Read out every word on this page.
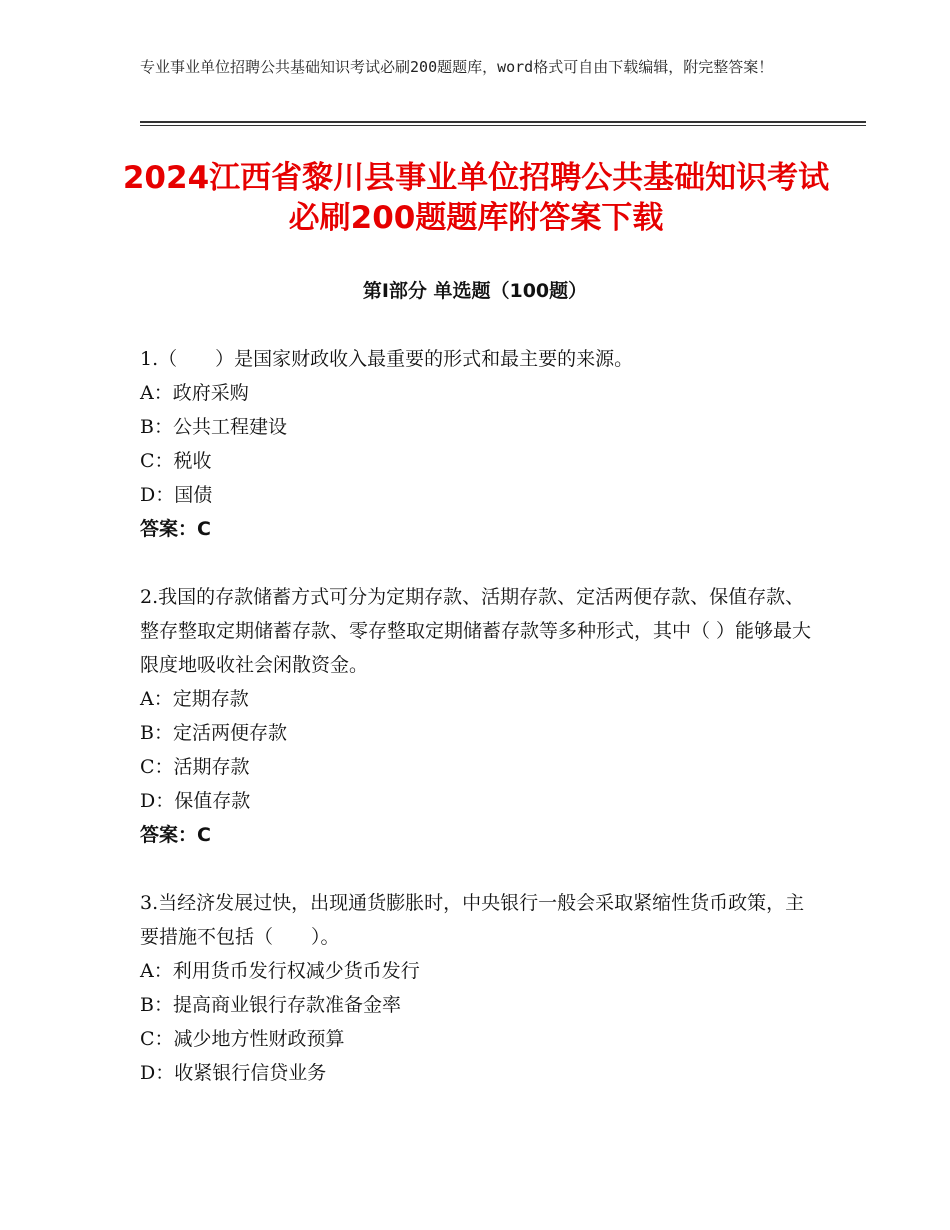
专业事业单位招聘公共基础知识考试必刷200题题库，word格式可自由下载编辑，附完整答案！
2024江西省黎川县事业单位招聘公共基础知识考试必刷200题题库附答案下载
第Ⅰ部分 单选题（100题）

1.（　　）是国家财政收入最重要的形式和最主要的来源。

A：政府采购

B：公共工程建设

C：税收

D：国债

答案：C

2.我国的存款储蓄方式可分为定期存款、活期存款、定活两便存款、保值存款、整存整取定期储蓄存款、零存整取定期储蓄存款等多种形式，其中（ ）能够最大限度地吸收社会闲散资金。

A：定期存款

B：定活两便存款

C：活期存款

D：保值存款

答案：C

3.当经济发展过快，出现通货膨胀时，中央银行一般会采取紧缩性货币政策，主要措施不包括（　　）。

A：利用货币发行权减少货币发行

B：提高商业银行存款准备金率

C：减少地方性财政预算

D：收紧银行信贷业务
